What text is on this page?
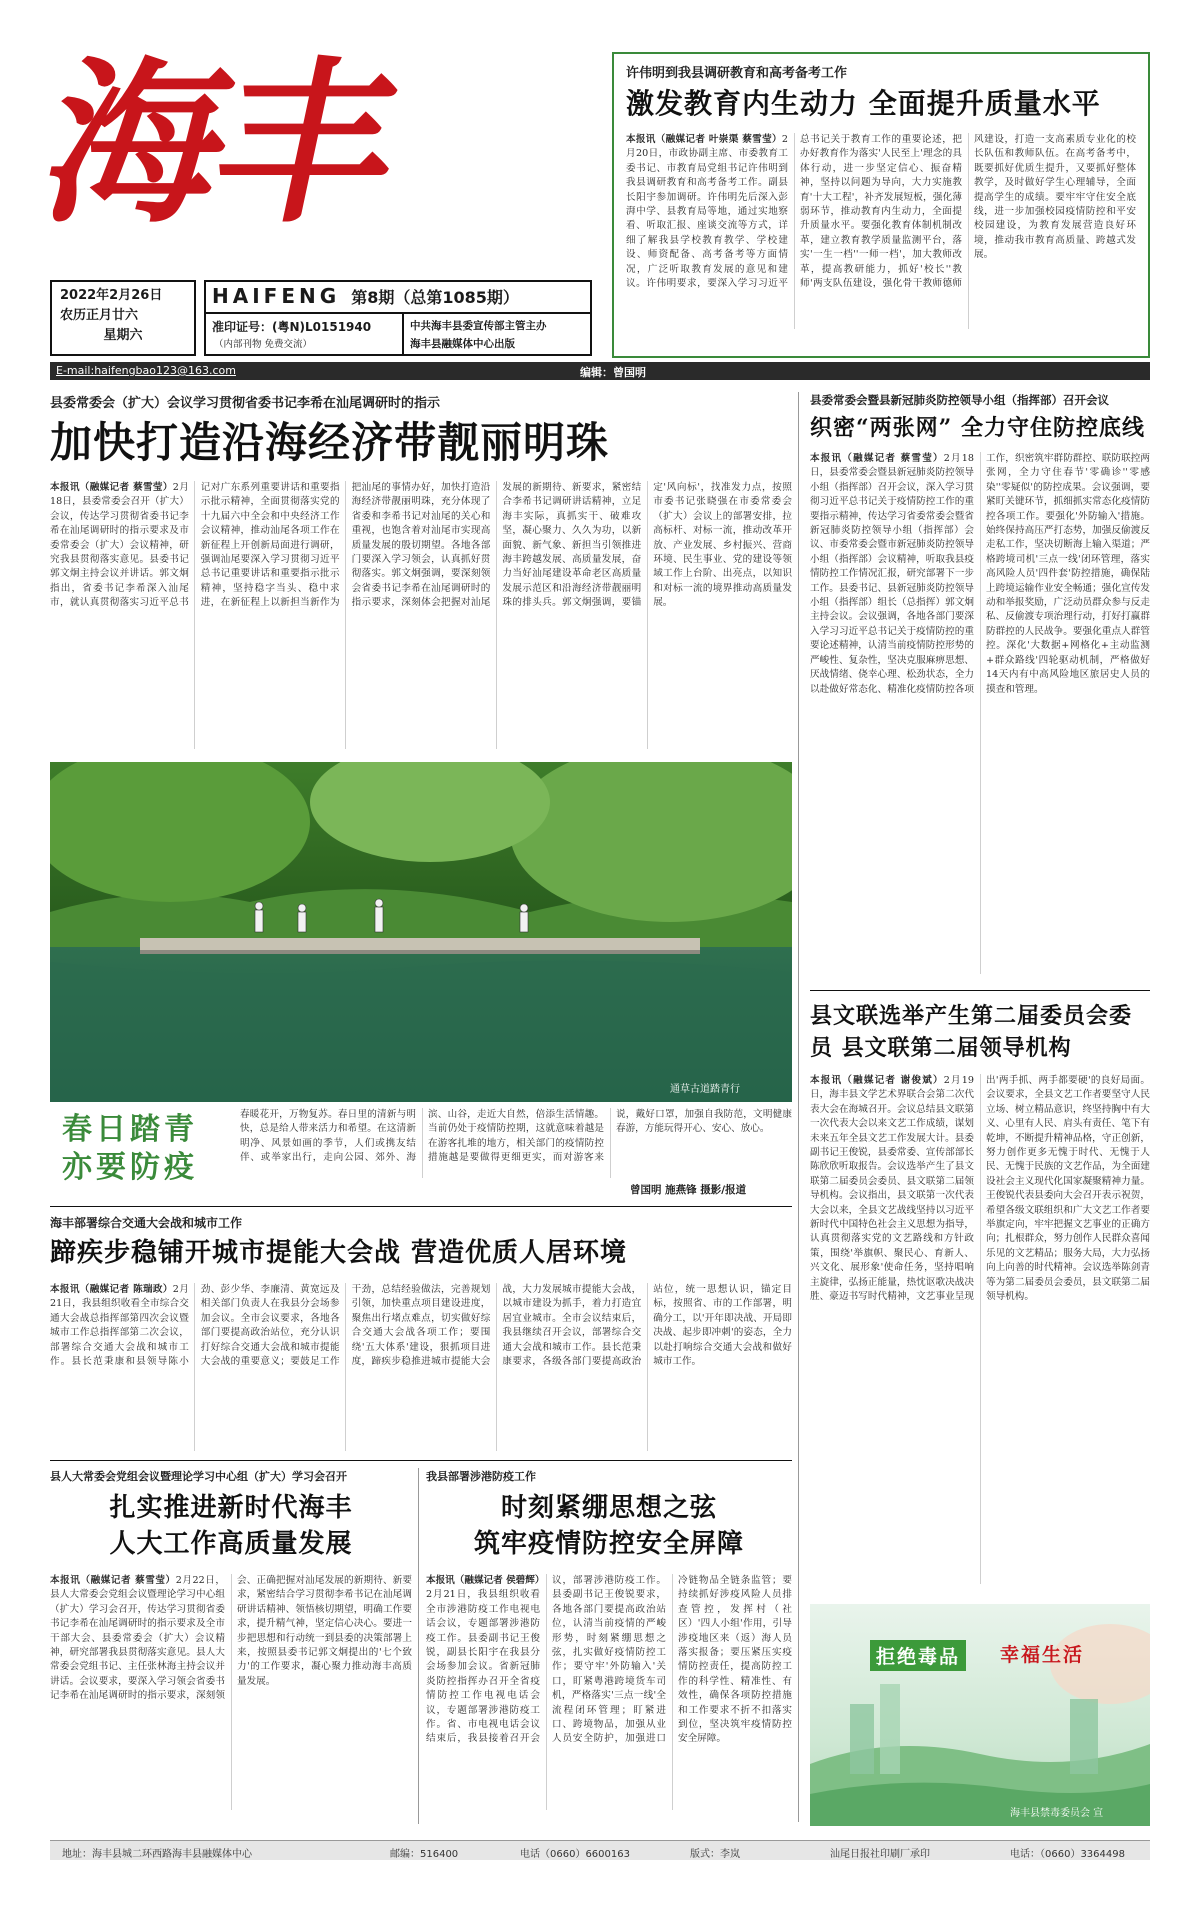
海丰
2022年2月26日
农历正月廿六
星期六
HAIFENG 第8期（总第1085期）
准印证号：(粤N)L0151940
（内部刊物 免费交流）
中共海丰县委宣传部主管主办
海丰县融媒体中心出版
E-mail:haifengbao123@163.com	编辑：曾国明
许伟明到我县调研教育和高考备考工作
激发教育内生动力 全面提升质量水平
本报讯（融媒记者 叶崇渠 蔡雪莹）2月20日，市政协副主席、市委教育工委书记、市教育局党组书记许伟明到我县调研教育和高考备考工作。副县长阳宇参加调研。许伟明先后深入彭湃中学、县教育局等地，通过实地察看、听取汇报、座谈交流等方式，详细了解我县学校教育教学、学校建设、师资配备、高考备考等方面情况，广泛听取教育发展的意见和建议。许伟明要求，要深入学习习近平总书记关于教育工作的重要论述，把办好教育作为落实'人民至上'理念的具体行动，进一步坚定信心、振奋精神，坚持以问题为导向，大力实施教育'十大工程'，补齐发展短板，强化薄弱环节，推动教育内生动力，全面提升质量水平。要强化教育体制机制改革，建立教育教学质量监测平台，落实'一生一档''一师一档'，加大教师改革，提高教研能力，抓好'校长''教师'两支队伍建设，强化骨干教师德师风建设，打造一支高素质专业化的校长队伍和教师队伍。在高考备考中，既要抓好优质生提升，又要抓好整体教学，及时做好学生心理辅导，全面提高学生的成绩。要牢牢守住安全底线，进一步加强校园疫情防控和平安校园建设，为教育发展营造良好环境，推动我市教育高质量、跨越式发展。
县委常委会（扩大）会议学习贯彻省委书记李希在汕尾调研时的指示
加快打造沿海经济带靓丽明珠
本报讯（融媒记者 蔡雪莹）2月18日，县委常委会召开（扩大）会议，传达学习贯彻省委书记李希在汕尾调研时的指示要求及市委常委会（扩大）会议精神，研究我县贯彻落实意见。县委书记郭文炯主持会议并讲话。郭文炯指出，省委书记李希深入汕尾市，就认真贯彻落实习近平总书记对广东系列重要讲话和重要指示批示精神，全面贯彻落实党的十九届六中全会和中央经济工作会议精神，推动汕尾各项工作在新征程上开创新局面进行调研，强调汕尾要深入学习贯彻习近平总书记重要讲话和重要指示批示精神，坚持稳字当头、稳中求进，在新征程上以新担当新作为把汕尾的事情办好，加快打造沿海经济带靓丽明珠，充分体现了省委和李希书记对汕尾的关心和重视，也饱含着对汕尾市实现高质量发展的殷切期望。各地各部门要深入学习领会，认真抓好贯彻落实。郭文炯强调，要深刻领会省委书记李希在汕尾调研时的指示要求，深刻体会把握对汕尾发展的新期待、新要求，紧密结合李希书记调研讲话精神，立足海丰实际，真抓实干、破难攻坚，凝心聚力、久久为功，以新面貌、新气象、新担当引领推进海丰跨越发展、高质量发展，奋力当好汕尾建设革命老区高质量发展示范区和沿海经济带靓丽明珠的排头兵。郭文炯强调，要锚定'风向标'，找准发力点，按照市委书记张晓强在市委常委会（扩大）会议上的部署安排，拉高标杆、对标一流，推动改革开放、产业发展、乡村振兴、营商环境、民生事业、党的建设等领域工作上台阶、出亮点，以知识和对标一流的境界推动高质量发展。
通草古道踏青行
春日踏青
亦要防疫
春暖花开，万物复苏。春日里的清新与明快，总是给人带来活力和希望。在这清新明净、风景如画的季节，人们或携友结伴、或举家出行，走向公园、郊外、海滨、山谷，走近大自然，倍添生活情趣。当前仍处于疫情防控期，这就意味着越是在游客扎堆的地方，相关部门的疫情防控措施越是要做得更细更实，而对游客来说，戴好口罩，加强自我防范，文明健康春游，方能玩得开心、安心、放心。
曾国明 施燕锋 摄影/报道
县委常委会暨县新冠肺炎防控领导小组（指挥部）召开会议
织密“两张网” 全力守住防控底线
本报讯（融媒记者 蔡雪莹）2月18日，县委常委会暨县新冠肺炎防控领导小组（指挥部）召开会议，深入学习贯彻习近平总书记关于疫情防控工作的重要指示精神，传达学习省委常委会暨省新冠肺炎防控领导小组（指挥部）会议、市委常委会暨市新冠肺炎防控领导小组（指挥部）会议精神，听取我县疫情防控工作情况汇报，研究部署下一步工作。县委书记、县新冠肺炎防控领导小组（指挥部）组长（总指挥）郭文炯主持会议。会议强调，各地各部门要深入学习习近平总书记关于疫情防控的重要论述精神，认清当前疫情防控形势的严峻性、复杂性，坚决克服麻痹思想、厌战情绪、侥幸心理、松劲状态，全力以赴做好常态化、精准化疫情防控各项工作，织密筑牢群防群控、联防联控两张网，全力守住春节'零确诊''零感染''零疑似'的防控成果。会议强调，要紧盯关键环节，抓细抓实常态化疫情防控各项工作。要强化'外防输入'措施。始终保持高压严打态势，加强反偷渡反走私工作，坚决切断海上输入渠道；严格跨境司机'三点一线'闭环管理，落实高风险人员'四件套'防控措施，确保陆上跨境运输作业安全畅通；强化宣传发动和举报奖励，广泛动员群众参与反走私、反偷渡专项治理行动，打好打赢群防群控的人民战争。要强化重点人群管控。深化'大数据+网格化+主动监测+群众路线'四轮驱动机制，严格做好14天内有中高风险地区旅居史人员的摸查和管理。
县文联选举产生第二届委员会委员 县文联第二届领导机构
本报讯（融媒记者 谢俊斌）2月19日，海丰县文学艺术界联合会第二次代表大会在海城召开。会议总结县文联第一次代表大会以来文艺工作成绩，谋划未来五年全县文艺工作发展大计。县委副书记王俊锐，县委常委、宣传部部长陈欣欣听取报告。会议选举产生了县文联第二届委员会委员、县文联第二届领导机构。会议指出，县文联第一次代表大会以来，全县文艺战线坚持以习近平新时代中国特色社会主义思想为指导，认真贯彻落实党的文艺路线和方针政策，围绕'举旗帜、聚民心、育新人、兴文化、展形象'使命任务，坚持唱响主旋律，弘扬正能量，热忱讴歌决战决胜、豪迈书写时代精神，文艺事业呈现出'两手抓、两手都要硬'的良好局面。会议要求，全县文艺工作者要坚守人民立场、树立精品意识，终坚持胸中有大义、心里有人民、肩头有责任、笔下有乾坤，不断提升精神品格，守正创新，努力创作更多无愧于时代、无愧于人民、无愧于民族的文艺作品，为全面建设社会主义现代化国家凝聚精神力量。王俊锐代表县委向大会召开表示祝贺，希望各级文联组织和广大文艺工作者要举旗定向，牢牢把握文艺事业的正确方向；扎根群众，努力创作人民群众喜闻乐见的文艺精品；服务大局，大力弘扬向上向善的时代精神。会议选举陈剑青等为第二届委员会委员，县文联第二届领导机构。
海丰部署综合交通大会战和城市工作
蹄疾步稳铺开城市提能大会战 营造优质人居环境
本报讯（融媒记者 陈瑞政）2月21日，我县组织收看全市综合交通大会战总指挥部第四次会议暨城市工作总指挥部第二次会议，部署综合交通大会战和城市工作。县长范秉康和县领导陈小劲、彭少华、李廉清、黄宽远及相关部门负责人在我县分会场参加会议。全市会议要求，各地各部门要提高政治站位，充分认识打好综合交通大会战和城市提能大会战的重要意义；要鼓足工作干劲，总结经验做法，完善规划引领，加快重点项目建设进度，聚焦出行堵点难点，切实做好综合交通大会战各项工作；要围绕'五大体系'建设，狠抓项目进度，蹄疾步稳推进城市提能大会战，大力发展城市提能大会战，以城市建设为抓手，着力打造宜居宜业城市。全市会议结束后，我县继续召开会议，部署综合交通大会战和城市工作。县长范秉康要求，各级各部门要提高政治站位，统一思想认识，锚定目标，按照省、市的工作部署，明确分工，以'开年即决战、开局即决战、起步即冲刺'的姿态，全力以赴打响综合交通大会战和做好城市工作。
县人大常委会党组会议暨理论学习中心组（扩大）学习会召开
扎实推进新时代海丰
人大工作高质量发展
本报讯（融媒记者 蔡雪莹）2月22日，县人大常委会党组会议暨理论学习中心组（扩大）学习会召开，传达学习贯彻省委书记李希在汕尾调研时的指示要求及全市干部大会、县委常委会（扩大）会议精神，研究部署我县贯彻落实意见。县人大常委会党组书记、主任张林海主持会议并讲话。会议要求，要深入学习领会省委书记李希在汕尾调研时的指示要求，深刻领会、正确把握对汕尾发展的新期待、新要求，紧密结合学习贯彻李希书记在汕尾调研讲话精神、领悟核切期望，明确工作要求，提升精气神，坚定信心决心。要进一步把思想和行动统一到县委的决策部署上来，按照县委书记郭文炯提出的'七个致力'的工作要求，凝心聚力推动海丰高质量发展。
我县部署涉港防疫工作
时刻紧绷思想之弦
筑牢疫情防控安全屏障
本报讯（融媒记者 侯碧辉）2月21日，我县组织收看全市涉港防疫工作电视电话会议，专题部署涉港防疫工作。县委副书记王俊锐，副县长阳宇在我县分会场参加会议。省新冠肺炎防控指挥办召开全省疫情防控工作电视电话会议，专题部署涉港防疫工作。省、市电视电话会议结束后，我县接着召开会议，部署涉港防疫工作。县委副书记王俊锐要求，各地各部门要提高政治站位，认清当前疫情的严峻形势，时刻紧绷思想之弦，扎实做好疫情防控工作；要守牢'外防输入'关口，盯紧粤港跨境货车司机，严格落实'三点一线'全流程闭环管理；盯紧进口、跨境物品，加强从业人员安全防护，加强进口冷链物品全链条监管；要持续抓好涉疫风险人员排查管控，发挥村（社区）'四人小组'作用，引导涉疫地区来（返）海人员落实报备；要压紧压实疫情防控责任，提高防控工作的科学性、精准性、有效性，确保各项防控措施和工作要求不折不扣落实到位，坚决筑牢疫情防控安全屏障。
拒绝毒品	幸福生活
海丰县禁毒委员会 宣
地址：海丰县城二环西路海丰县融媒体中心	邮编：516400	电话（0660）6600163	版式：李岚	汕尾日报社印刷厂承印	电话：（0660）3364498
